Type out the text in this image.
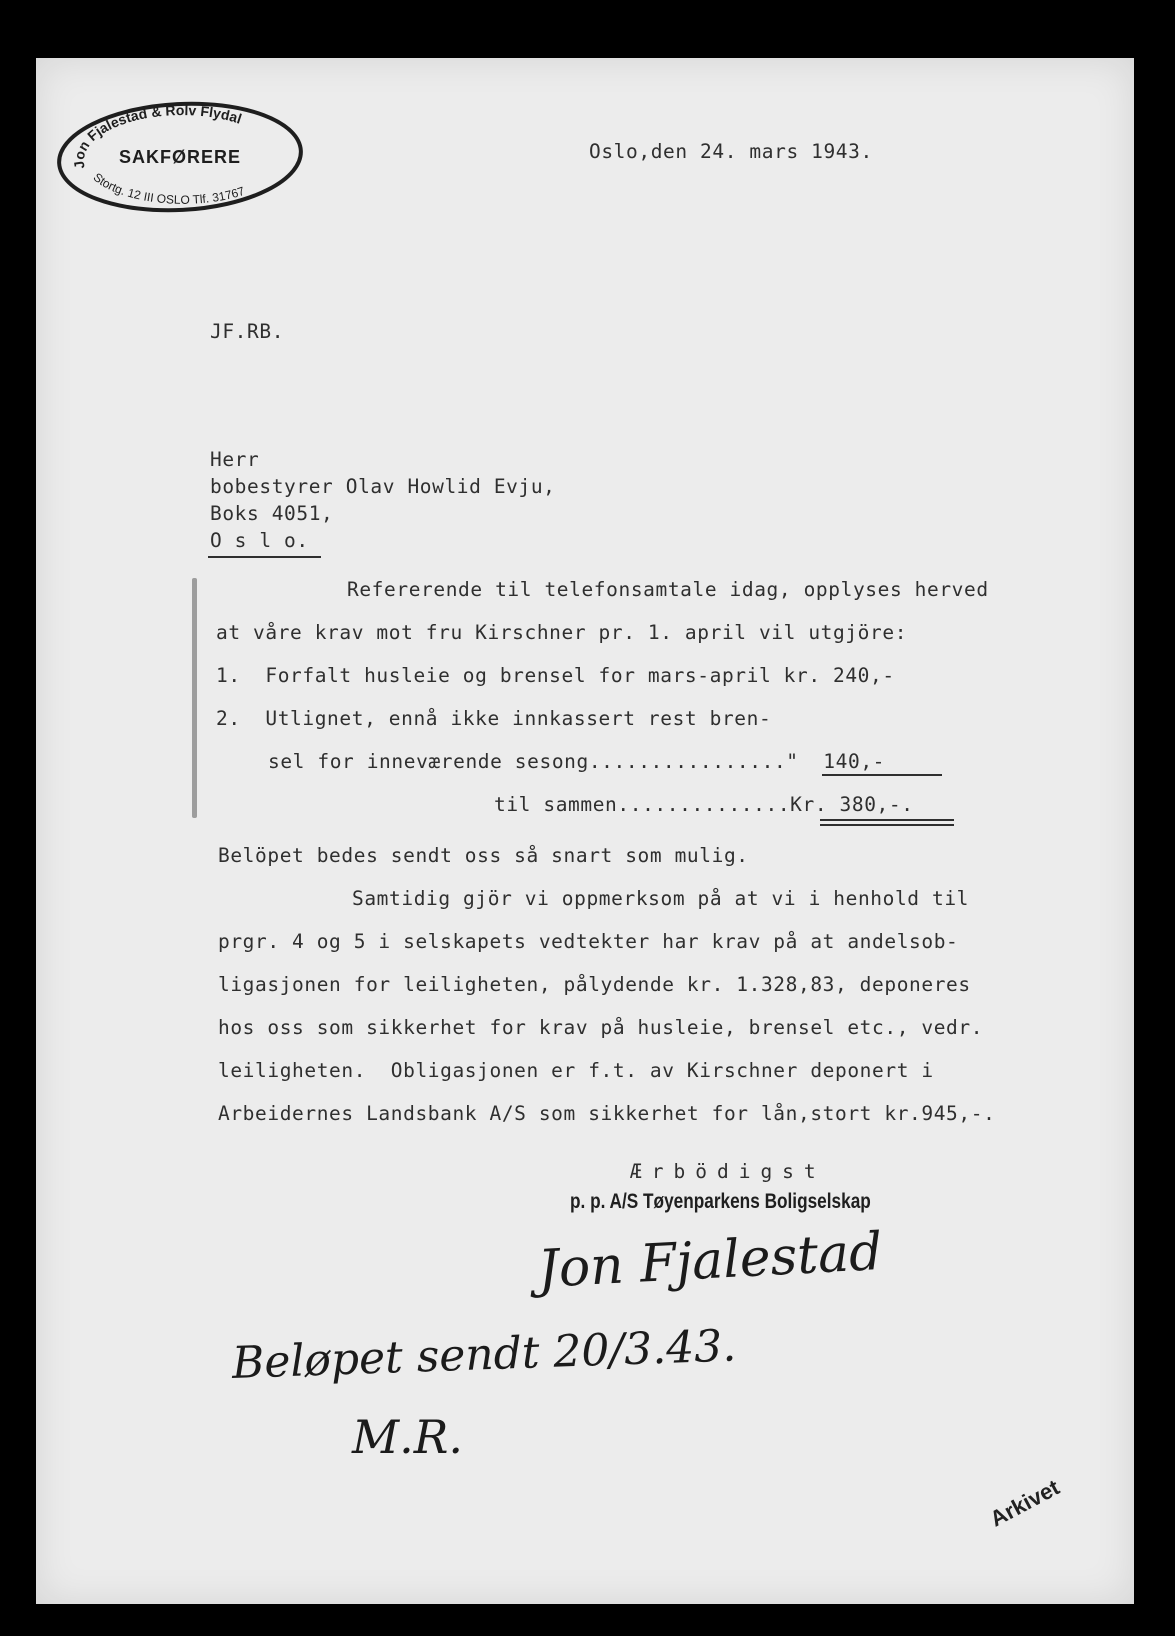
Jon Fjalestad & Rolv Flydal
SAKFØRERE
Stortg. 12 III OSLO Tlf. 31767

Oslo,den 24. mars 1943.

JF.RB.

Herr

bobestyrer Olav Howlid Evju,

Boks 4051,

O s l o.

Refererende til telefonsamtale idag, opplyses herved

at våre krav mot fru Kirschner pr. 1. april vil utgjöre:

1.  Forfalt husleie og brensel for mars-april kr. 240,-

2.  Utlignet, ennå ikke innkassert rest bren-

sel for inneværende sesong................"  140,-

til sammen..............Kr. 380,-.

Belöpet bedes sendt oss så snart som mulig.

Samtidig gjör vi oppmerksom på at vi i henhold til

prgr. 4 og 5 i selskapets vedtekter har krav på at andelsob-

ligasjonen for leiligheten, pålydende kr. 1.328,83, deponeres

hos oss som sikkerhet for krav på husleie, brensel etc., vedr.

leiligheten.  Obligasjonen er f.t. av Kirschner deponert i

Arbeidernes Landsbank A/S som sikkerhet for lån,stort kr.945,-.

Ærbödigst

p. p. A/S Tøyenparkens Boligselskap
Jon Fjalestad
Beløpet sendt 20/3.43.
M.R.
Arkivet
